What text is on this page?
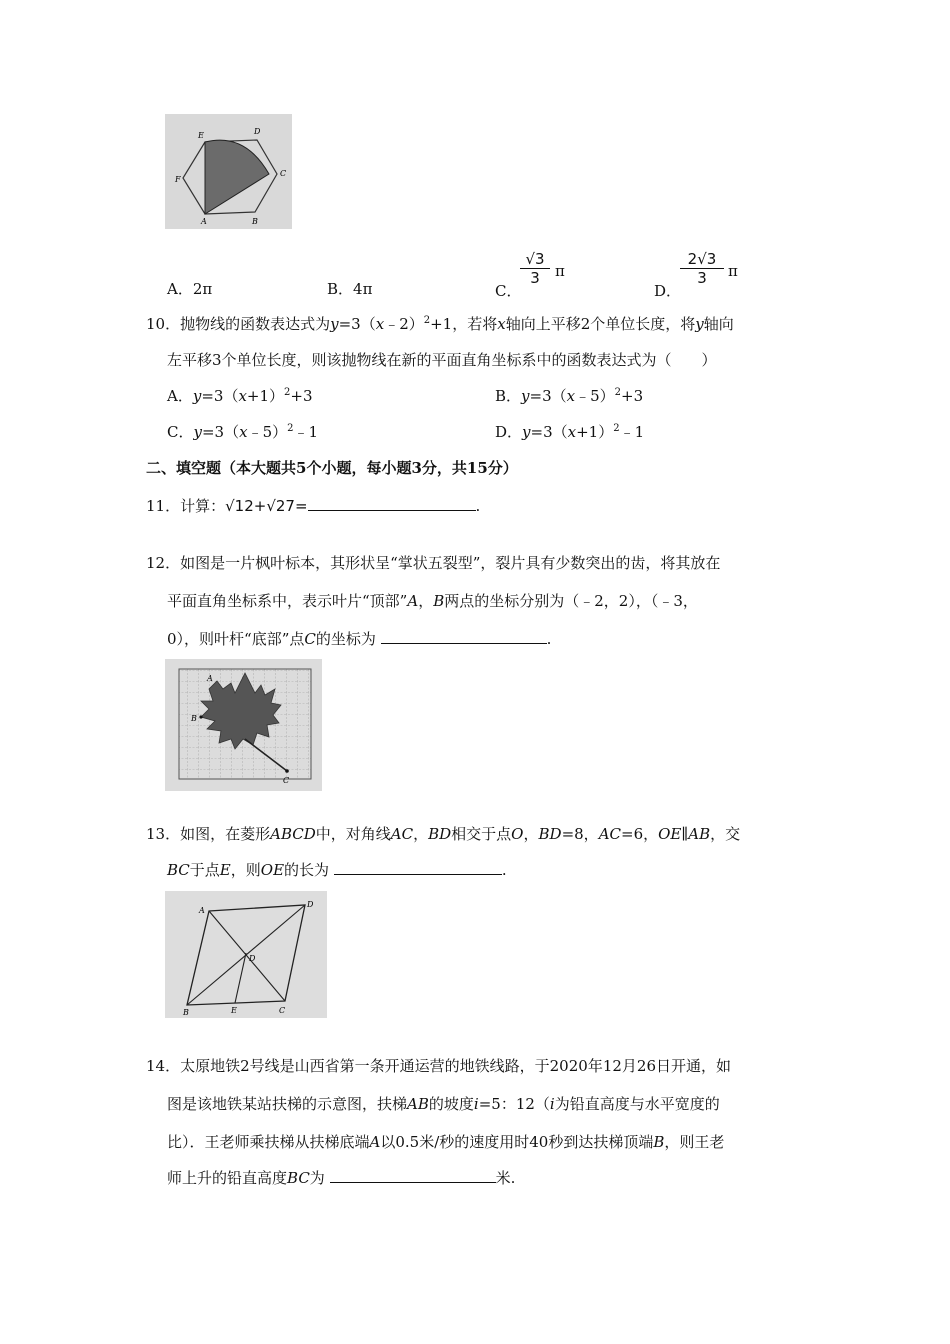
E	D
F
C
A	B
A．2π	B．4π	C．
$\frac{√3}{3}$ π
D．
$\frac{2√3}{3}$ π
10．抛物线的函数表达式为y=3（x﹣2）$^2$+1，若将x轴向上平移2个单位长度，将y轴向
左平移3个单位长度，则该抛物线在新的平面直角坐标系中的函数表达式为（　　）
A．$y=3(x+1)^2+3$	B．y=3（x﹣5）$^2$+3
C．y=3（x﹣5）$^2$﹣1	D．$y=3(x+1)^2﹣1$
二、填空题（本大题共5个小题，每小题3分，共15分）
11．计算：√12+√27=	.
12．如图是一片枫叶标本，其形状呈“掌状五裂型”，裂片具有少数突出的齿，将其放在
平面直角坐标系中，表示叶片“顶部”A，B两点的坐标分别为（﹣2，2），（﹣3，
0），则叶杆“底部”点C的坐标为	.
A
B
C
13．如图，在菱形ABCD中，对角线AC，BD相交于点O，BD=8，AC=6，OE∥AB，交
BC于点E，则OE的长为	.
A
D
D
B	E	C
14．太原地铁2号线是山西省第一条开通运营的地铁线路，于2020年12月26日开通，如
图是该地铁某站扶梯的示意图，扶梯AB的坡度i=5：12（i为铅直高度与水平宽度的
比）．王老师乘扶梯从扶梯底端A以0.5米/秒的速度用时40秒到达扶梯顶端B，则王老
师上升的铅直高度BC为	米.
